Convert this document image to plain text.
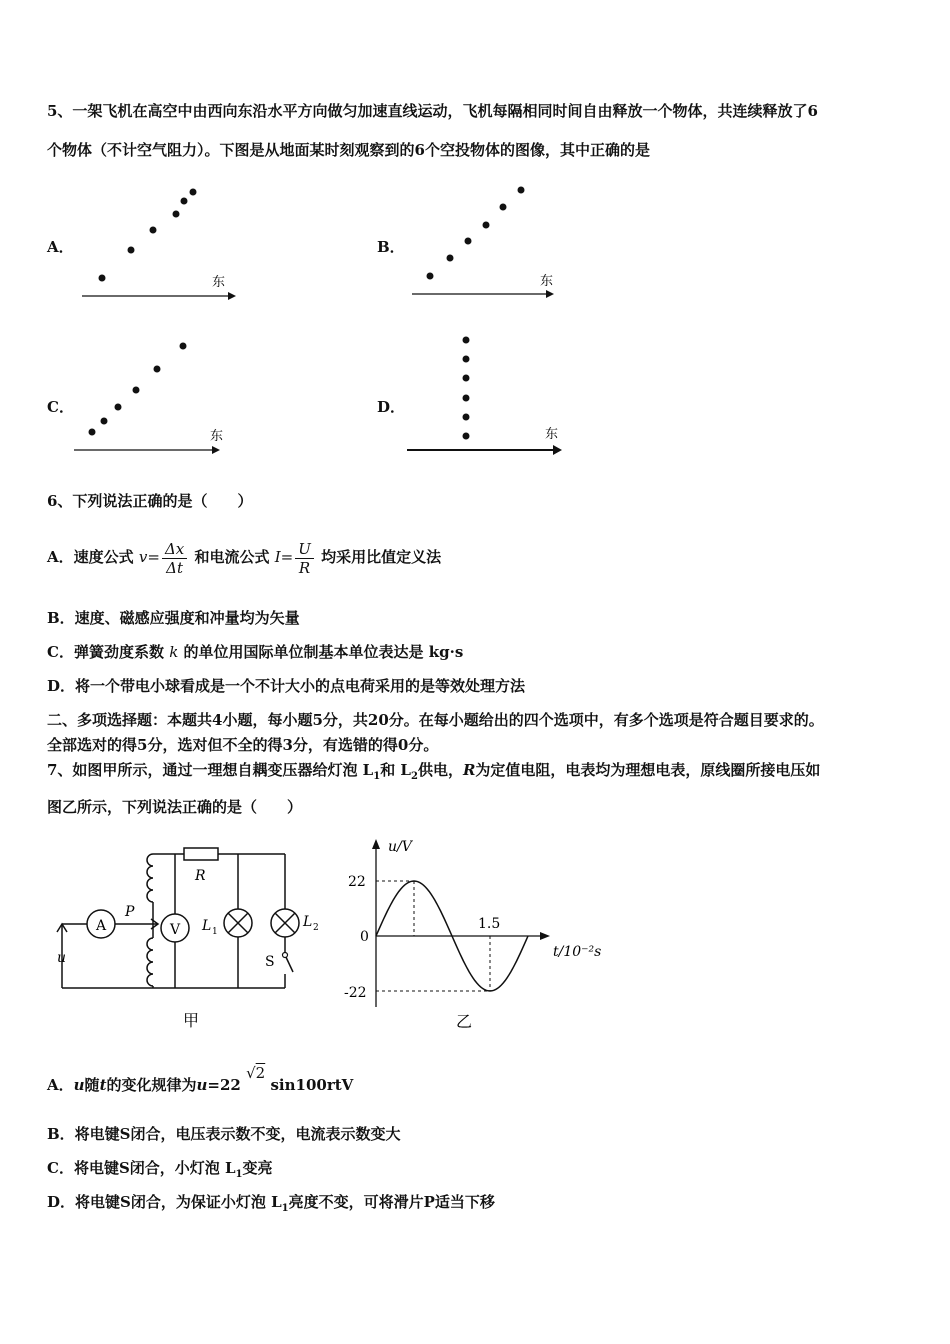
5、一架飞机在高空中由西向东沿水平方向做匀加速直线运动，飞机每隔相同时间自由释放一个物体，共连续释放了6
个物体（不计空气阻力）。下图是从地面某时刻观察到的6个空投物体的图像，其中正确的是
A．
东
B．
东
C．
东
D．
东
6、下列说法正确的是（　　）
A．速度公式 $v= \frac{\Delta x}{\Delta t}$ 和电流公式 $I= \frac{U}{R}$ 均采用比值定义法
B．速度、磁感应强度和冲量均为矢量
C．弹簧劲度系数 k 的单位用国际单位制基本单位表达是 kg·s
D．将一个带电小球看成是一个不计大小的点电荷采用的是等效处理方法
二、多项选择题：本题共4小题，每小题5分，共20分。在每小题给出的四个选项中，有多个选项是符合题目要求的。
全部选对的得5分，选对但不全的得3分，有选错的得0分。
7、如图甲所示，通过一理想自耦变压器给灯泡 $L_1$和 $L_2$供电，R为定值电阻，电表均为理想电表，原线圈所接电压如
图乙所示，下列说法正确的是（　　）
A	V
R
P
L 1
L 2
S
u
甲
u/V
t/10⁻²s
22
0
-22
1.5
乙
A．u随t的变化规律为u=22 √2 sin100rtV
B．将电键S闭合，电压表示数不变，电流表示数变大
C．将电键S闭合，小灯泡 $L_1$变亮
D．将电键S闭合，为保证小灯泡 $L_1$亮度不变，可将滑片P适当下移
